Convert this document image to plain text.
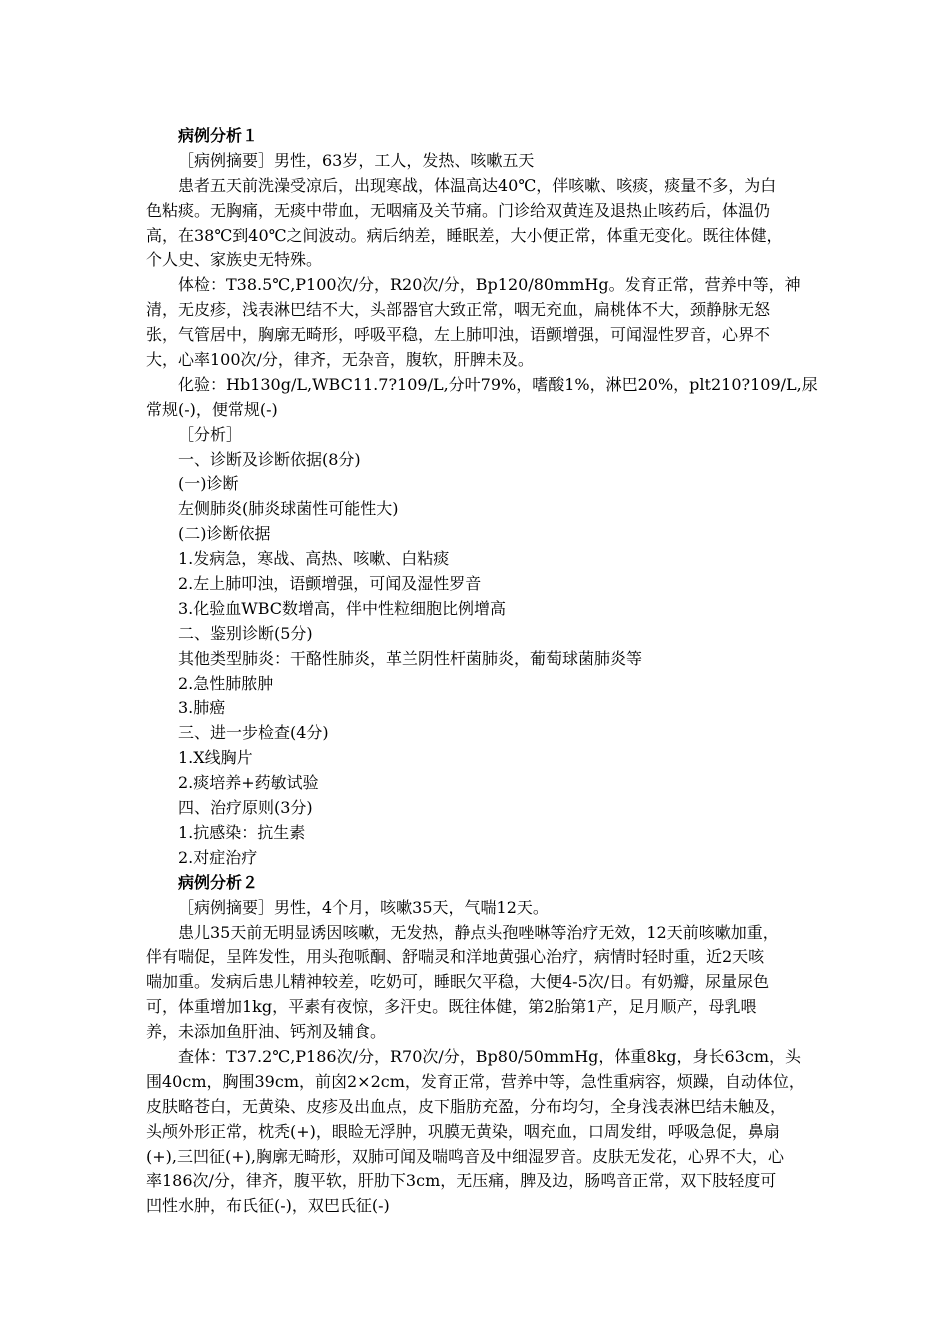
病例分析１

［病例摘要］男性，63岁，工人，发热、咳嗽五天

患者五天前洗澡受凉后，出现寒战，体温高达40℃，伴咳嗽、咳痰，痰量不多，为白

色粘痰。无胸痛，无痰中带血，无咽痛及关节痛。门诊给双黄连及退热止咳药后，体温仍

高，在38℃到40℃之间波动。病后纳差，睡眠差，大小便正常，体重无变化。既往体健，

个人史、家族史无特殊。

体检：T38.5℃,P100次/分，R20次/分，Bp120/80mmHg。发育正常，营养中等，神

清，无皮疹，浅表淋巴结不大，头部器官大致正常，咽无充血，扁桃体不大，颈静脉无怒

张，气管居中，胸廓无畸形，呼吸平稳，左上肺叩浊，语颤增强，可闻湿性罗音，心界不

大，心率100次/分，律齐，无杂音，腹软，肝脾未及。

化验：Hb130g/L,WBC11.7?109/L,分叶79%，嗜酸1%，淋巴20%，plt210?109/L,尿

常规(-)，便常规(-)

［分析］

一、诊断及诊断依据(8分)

(一)诊断

左侧肺炎(肺炎球菌性可能性大)

(二)诊断依据

1.发病急，寒战、高热、咳嗽、白粘痰

2.左上肺叩浊，语颤增强，可闻及湿性罗音

3.化验血WBC数增高，伴中性粒细胞比例增高

二、鉴别诊断(5分)

其他类型肺炎：干酪性肺炎，革兰阴性杆菌肺炎，葡萄球菌肺炎等

2.急性肺脓肿

3.肺癌

三、进一步检查(4分)

1.X线胸片

2.痰培养+药敏试验

四、治疗原则(3分)

1.抗感染：抗生素

2.对症治疗

病例分析２

［病例摘要］男性，4个月，咳嗽35天，气喘12天。

患儿35天前无明显诱因咳嗽，无发热，静点头孢唑啉等治疗无效，12天前咳嗽加重，

伴有喘促，呈阵发性，用头孢哌酮、舒喘灵和洋地黄强心治疗，病情时轻时重，近2天咳

喘加重。发病后患儿精神较差，吃奶可，睡眠欠平稳，大便4-5次/日。有奶瓣，尿量尿色

可，体重增加1kg，平素有夜惊，多汗史。既往体健，第2胎第1产，足月顺产，母乳喂

养，未添加鱼肝油、钙剂及辅食。

查体：T37.2℃,P186次/分，R70次/分，Bp80/50mmHg，体重8kg，身长63cm，头

围40cm，胸围39cm，前囟2×2cm，发育正常，营养中等，急性重病容，烦躁，自动体位，

皮肤略苍白，无黄染、皮疹及出血点，皮下脂肪充盈，分布均匀，全身浅表淋巴结未触及，

头颅外形正常，枕秃(+)，眼睑无浮肿，巩膜无黄染，咽充血，口周发绀，呼吸急促，鼻扇

(+),三凹征(+),胸廓无畸形，双肺可闻及喘鸣音及中细湿罗音。皮肤无发花，心界不大，心

率186次/分，律齐，腹平软，肝肋下3cm，无压痛，脾及边，肠鸣音正常，双下肢轻度可

凹性水肿，布氏征(-)，双巴氏征(-)
